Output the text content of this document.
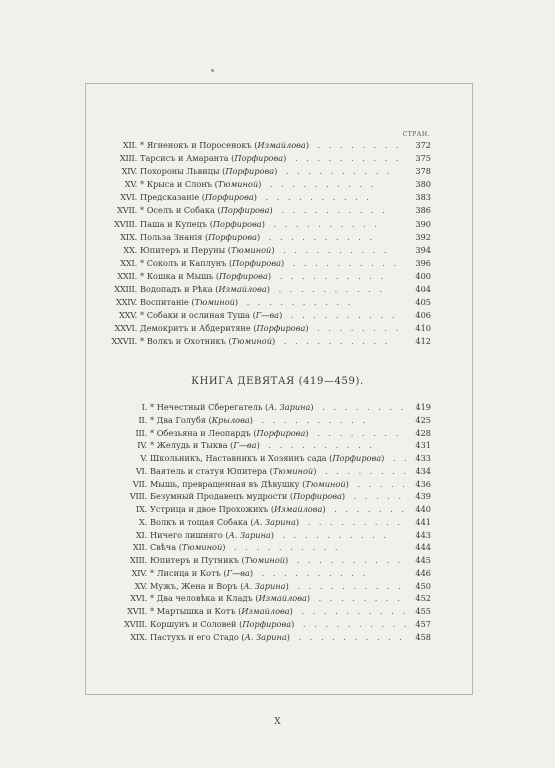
СТРАН.
XII. * Ягненокъ и Поросенокъ (Измайлова) . . . . . . . . 372
XIII. Тарсисъ и Амаранта (Порфирова) . . . . . . . . . . 375
XIV. Похороны Львицы (Порфирова) . . . . . . . . . .	378
XV. * Крыса и Слонъ (Тюминой) . . . . . . . . . .	380
XVI. Предсказаніе (Порфирова) . . . . . . . . . .	383
XVII. * Оселъ и Собака (Порфирова) . . . . . . . . . .	386
XVIII. Паша и Купецъ (Порфирова) . . . . . . . . . .	390
XIX. Польза Знанія (Порфирова) . . . . . . . . . .	392
XX. Юпитеръ и Перуны (Тюминой) . . . . . . . . . .	394
XXI. * Соколъ и Каплунъ (Порфирова) . . . . . . . . . . 396
XXII. * Кошка и Мышь (Порфирова) . . . . . . . . . .	400
XXIII. Водопадъ и Рѣка (Измайлова) . . . . . . . . . .	404
XXIV. Воспитаніе (Тюминой) . . . . . . . . . .	405
XXV. * Собаки и ослиная Туша (Г—ва) . . . . . . . . . . 406
XXVI. Демокритъ и Абдеритяне (Порфирова) . . . . . . . . 410
XXVII. * Волкъ и Охотникъ (Тюминой) . . . . . . . . . .	412
КНИГА ДЕВЯТАЯ (419—459).
I. * Нечестный Сберегатель (А. Зарина) . . . . . . . . 419
II. * Два Голубя (Крылова) . . . . . . . . . .	425
III. * Обезьяна и Леопардъ (Порфирова) . . . . . . . . 428
IV. * Желудь и Тыква (Г—ва) . . . . . . . . . .	431
V. Школьникъ, Наставникъ и Хозяинъ сада (Порфирова) . . 433
VI. Ваятель и статуя Юпитера (Тюминой) . . . . . . . . 434
VII. Мышь, превращенная въ Дѣвушку (Тюминой) . . . . . 436
VIII. Безумный Продавецъ мудрости (Порфирова) . . . . . 439
IX. Устрица и двое Прохожихъ (Измайлова) . . . . . . . 440
X. Волкъ и тощая Собака (А. Зарина) . . . . . . . . . 441
XI. Ничего лишняго (А. Зарина) . . . . . . . . . .	443
XII. Свѣча (Тюминой) . . . . . . . . . .	444
XIII. Юпитеръ и Путникъ (Тюминой) . . . . . . . . . . 445
XIV. * Лисица и Котъ (Г—ва) . . . . . . . . . .	446
XV. Мужъ, Жена и Воръ (А. Зарина) . . . . . . . . . . 450
XVI. * Два человѣка и Кладъ (Измайлова) . . . . . . . . 452
XVII. * Мартышка и Котъ (Измайлова) . . . . . . . . . . 455
XVIII. Коршунъ и Соловей (Порфирова) . . . . . . . . . . 457
XIX. Пастухъ и его Стадо (А. Зарина) . . . . . . . . . . 458
X
